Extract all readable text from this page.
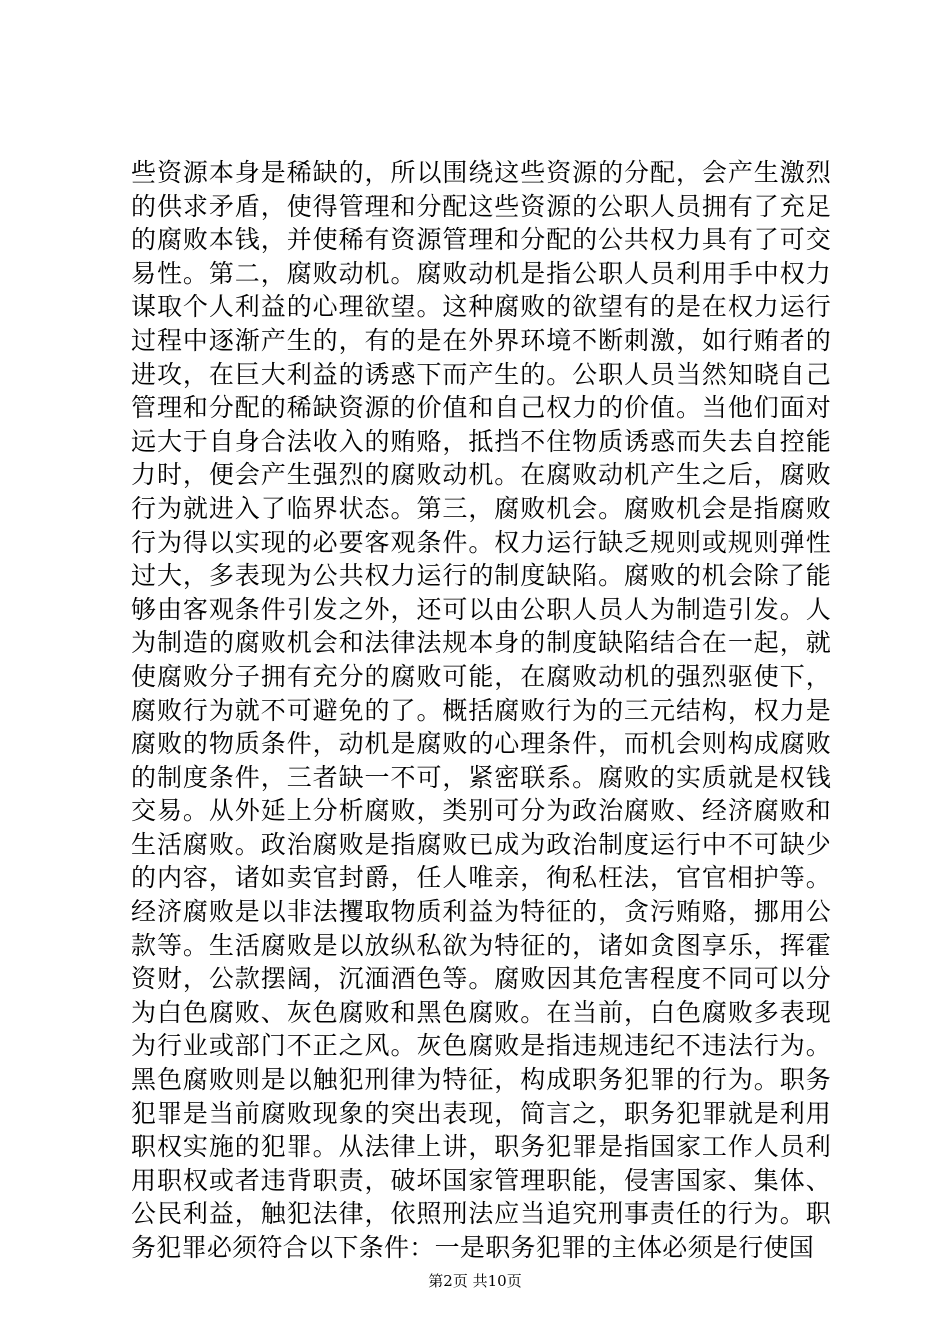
些资源本身是稀缺的，所以围绕这些资源的分配，会产生激烈的供求矛盾，使得管理和分配这些资源的公职人员拥有了充足的腐败本钱，并使稀有资源管理和分配的公共权力具有了可交易性。第二，腐败动机。腐败动机是指公职人员利用手中权力谋取个人利益的心理欲望。这种腐败的欲望有的是在权力运行过程中逐渐产生的，有的是在外界环境不断刺激，如行贿者的进攻，在巨大利益的诱惑下而产生的。公职人员当然知晓自己管理和分配的稀缺资源的价值和自己权力的价值。当他们面对远大于自身合法收入的贿赂，抵挡不住物质诱惑而失去自控能力时，便会产生强烈的腐败动机。在腐败动机产生之后，腐败行为就进入了临界状态。第三，腐败机会。腐败机会是指腐败行为得以实现的必要客观条件。权力运行缺乏规则或规则弹性过大，多表现为公共权力运行的制度缺陷。腐败的机会除了能够由客观条件引发之外，还可以由公职人员人为制造引发。人为制造的腐败机会和法律法规本身的制度缺陷结合在一起，就使腐败分子拥有充分的腐败可能，在腐败动机的强烈驱使下，腐败行为就不可避免的了。概括腐败行为的三元结构，权力是腐败的物质条件，动机是腐败的心理条件，而机会则构成腐败的制度条件，三者缺一不可，紧密联系。腐败的实质就是权钱交易。从外延上分析腐败，类别可分为政治腐败、经济腐败和生活腐败。政治腐败是指腐败已成为政治制度运行中不可缺少的内容，诸如卖官封爵，任人唯亲，徇私枉法，官官相护等。经济腐败是以非法攫取物质利益为特征的，贪污贿赂，挪用公款等。生活腐败是以放纵私欲为特征的，诸如贪图享乐，挥霍资财，公款摆阔，沉湎酒色等。腐败因其危害程度不同可以分为白色腐败、灰色腐败和黑色腐败。在当前，白色腐败多表现为行业或部门不正之风。灰色腐败是指违规违纪不违法行为。黑色腐败则是以触犯刑律为特征，构成职务犯罪的行为。职务犯罪是当前腐败现象的突出表现，简言之，职务犯罪就是利用职权实施的犯罪。从法律上讲，职务犯罪是指国家工作人员利用职权或者违背职责，破坏国家管理职能，侵害国家、集体、公民利益，触犯法律，依照刑法应当追究刑事责任的行为。职务犯罪必须符合以下条件：一是职务犯罪的主体必须是行使国

第2页 共10页
